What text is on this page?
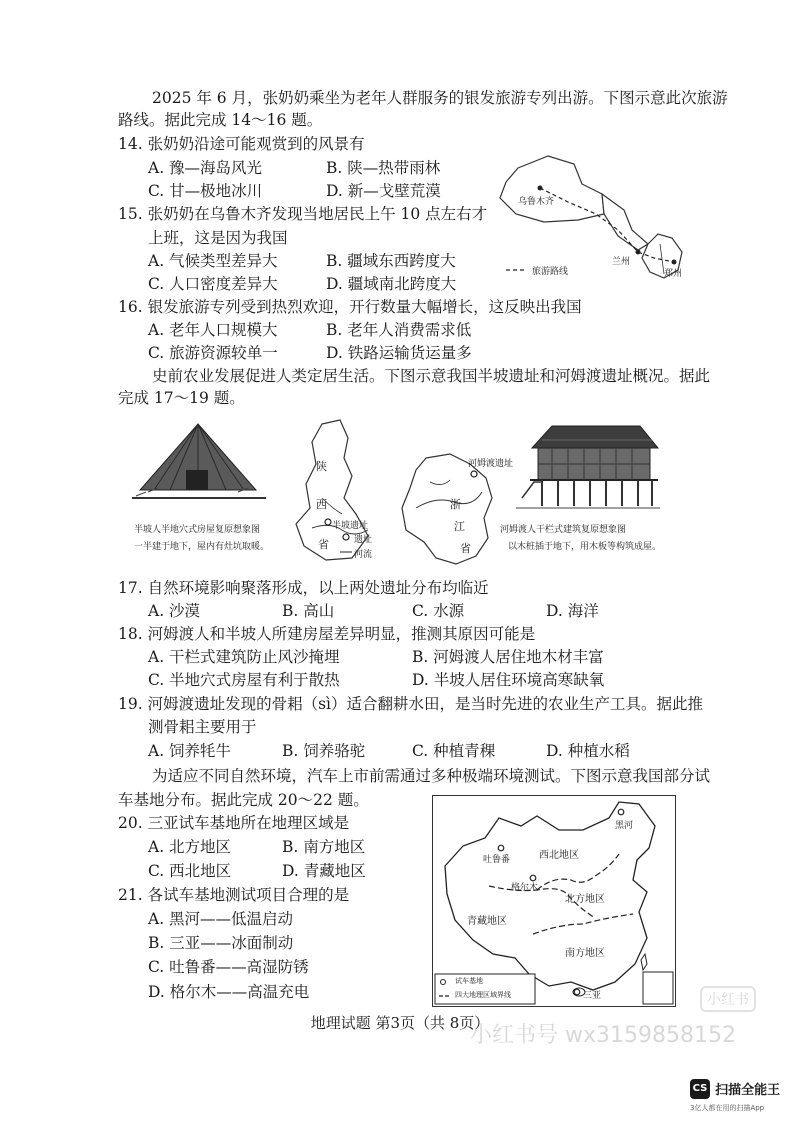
2025 年 6 月，张奶奶乘坐为老年人群服务的银发旅游专列出游。下图示意此次旅游
路线。据此完成 14～16 题。
14. 张奶奶沿途可能观赏到的风景有
A. 豫—海岛风光	B. 陕—热带雨林
C. 甘—极地冰川	D. 新—戈壁荒漠
15. 张奶奶在乌鲁木齐发现当地居民上午 10 点左右才
上班，这是因为我国
A. 气候类型差异大	B. 疆域东西跨度大
C. 人口密度差异大	D. 疆域南北跨度大
16. 银发旅游专列受到热烈欢迎，开行数量大幅增长，这反映出我国
A. 老年人口规模大	B. 老年人消费需求低
C. 旅游资源较单一	D. 铁路运输货运量多
乌鲁木齐
兰州
郑州
旅游路线
史前农业发展促进人类定居生活。下图示意我国半坡遗址和河姆渡遗址概况。据此
完成 17～19 题。
半坡人半地穴式房屋复原想象图
一半建于地下，屋内有灶坑取暖。
陕
西
省
半坡遗址
遗址
河流
河姆渡遗址
浙
江
省
河姆渡人干栏式建筑复原想象图
以木桩插于地下，用木板等构筑成屋。
17. 自然环境影响聚落形成，以上两处遗址分布均临近
A. 沙漠	B. 高山	C. 水源	D. 海洋
18. 河姆渡人和半坡人所建房屋差异明显，推测其原因可能是
A. 干栏式建筑防止风沙掩埋	B. 河姆渡人居住地木材丰富
C. 半地穴式房屋有利于散热	D. 半坡人居住环境高寒缺氧
19. 河姆渡遗址发现的骨耜（sì）适合翻耕水田，是当时先进的农业生产工具。据此推
测骨耜主要用于
A. 饲养牦牛	B. 饲养骆驼	C. 种植青稞	D. 种植水稻
为适应不同自然环境，汽车上市前需通过多种极端环境测试。下图示意我国部分试
车基地分布。据此完成 20～22 题。
20. 三亚试车基地所在地理区域是
A. 北方地区	B. 南方地区
C. 西北地区	D. 青藏地区
21. 各试车基地测试项目合理的是
A. 黑河——低温启动
B. 三亚——冰面制动
C. 吐鲁番——高湿防锈
D. 格尔木——高温充电
黑河
吐鲁番	西北地区
格尔木
北方地区
青藏地区
南方地区
三亚
试车基地
四大地理区域界线
地理试题 第3页（共 8页）
小红书号 wx3159858152
小红书
CS 扫描全能王
3亿人都在用的扫描App
